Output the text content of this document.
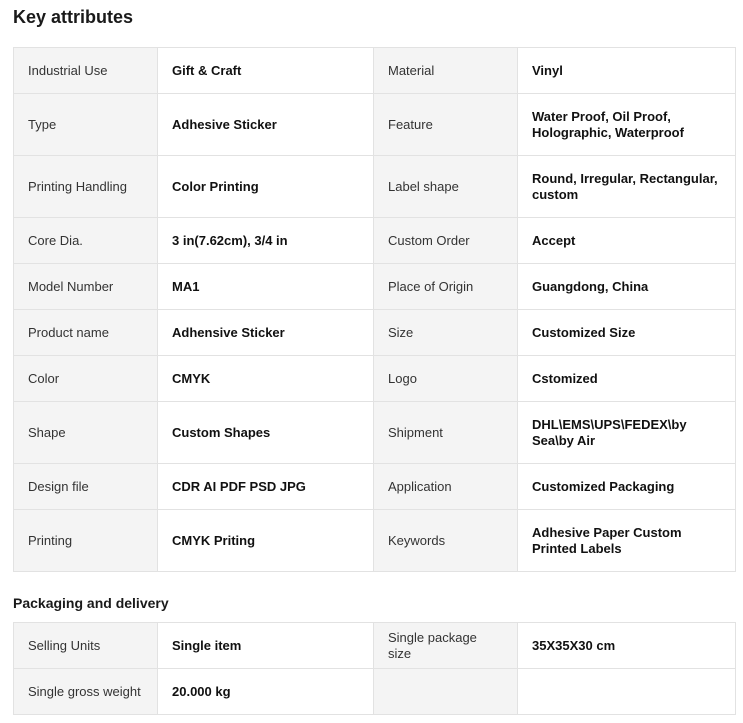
Key attributes
Industrial Use	Gift & Craft	Material	Vinyl
Type	Adhesive Sticker	Feature	Water Proof, Oil Proof, Holographic, Waterproof
Printing Handling	Color Printing	Label shape	Round, Irregular, Rectangular, custom
Core Dia.	3 in(7.62cm), 3/4 in	Custom Order	Accept
Model Number	MA1	Place of Origin	Guangdong, China
Product name	Adhensive Sticker	Size	Customized Size
Color	CMYK	Logo	Cstomized
Shape	Custom Shapes	Shipment	DHL\EMS\UPS\FEDEX\by Sea\by Air
Design file	CDR AI PDF PSD JPG	Application	Customized Packaging
Printing	CMYK Priting	Keywords	Adhesive Paper Custom Printed Labels
Packaging and delivery
Selling Units	Single item	Single package size	35X35X30 cm
Single gross weight	20.000 kg		
